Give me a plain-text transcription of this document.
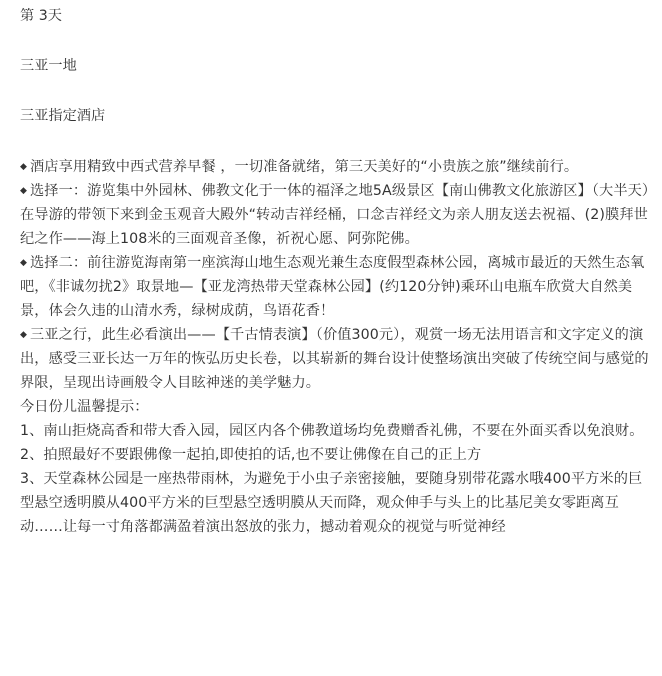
第 3天
三亚一地
三亚指定酒店

◆ 酒店享用精致中西式营养早餐 ，一切准备就绪，第三天美好的“小贵族之旅”继续前行。

◆ 选择一：游览集中外园林、佛教文化于一体的福泽之地5A级景区【南山佛教文化旅游区】（大半天）在导游的带领下来到金玉观音大殿外“转动吉祥经桶，口念吉祥经文为亲人朋友送去祝福、(2)膜拜世纪之作——海上108米的三面观音圣像，祈祝心愿、阿弥陀佛。

◆ 选择二：前往游览海南第一座滨海山地生态观光兼生态度假型森林公园，离城市最近的天然生态氧吧，《非诚勿扰2》取景地—【亚龙湾热带天堂森林公园】(约120分钟)乘环山电瓶车欣赏大自然美景，体会久违的山清水秀，绿树成荫，鸟语花香！

◆ 三亚之行，此生必看演出——【千古情表演】（价值300元），观赏一场无法用语言和文字定义的演出，感受三亚长达一万年的恢弘历史长卷，以其崭新的舞台设计使整场演出突破了传统空间与感觉的界限，呈现出诗画般令人目眩神迷的美学魅力。

今日份儿温馨提示：

1、南山拒烧高香和带大香入园，园区内各个佛教道场均免费赠香礼佛，不要在外面买香以免浪财。

2、拍照最好不要跟佛像一起拍,即使拍的话,也不要让佛像在自己的正上方

3、天堂森林公园是一座热带雨林，为避免于小虫子亲密接触，要随身别带花露水哦400平方米的巨型悬空透明膜从400平方米的巨型悬空透明膜从天而降，观众伸手与头上的比基尼美女零距离互动……让每一寸角落都满盈着演出怒放的张力，撼动着观众的视觉与听觉神经
